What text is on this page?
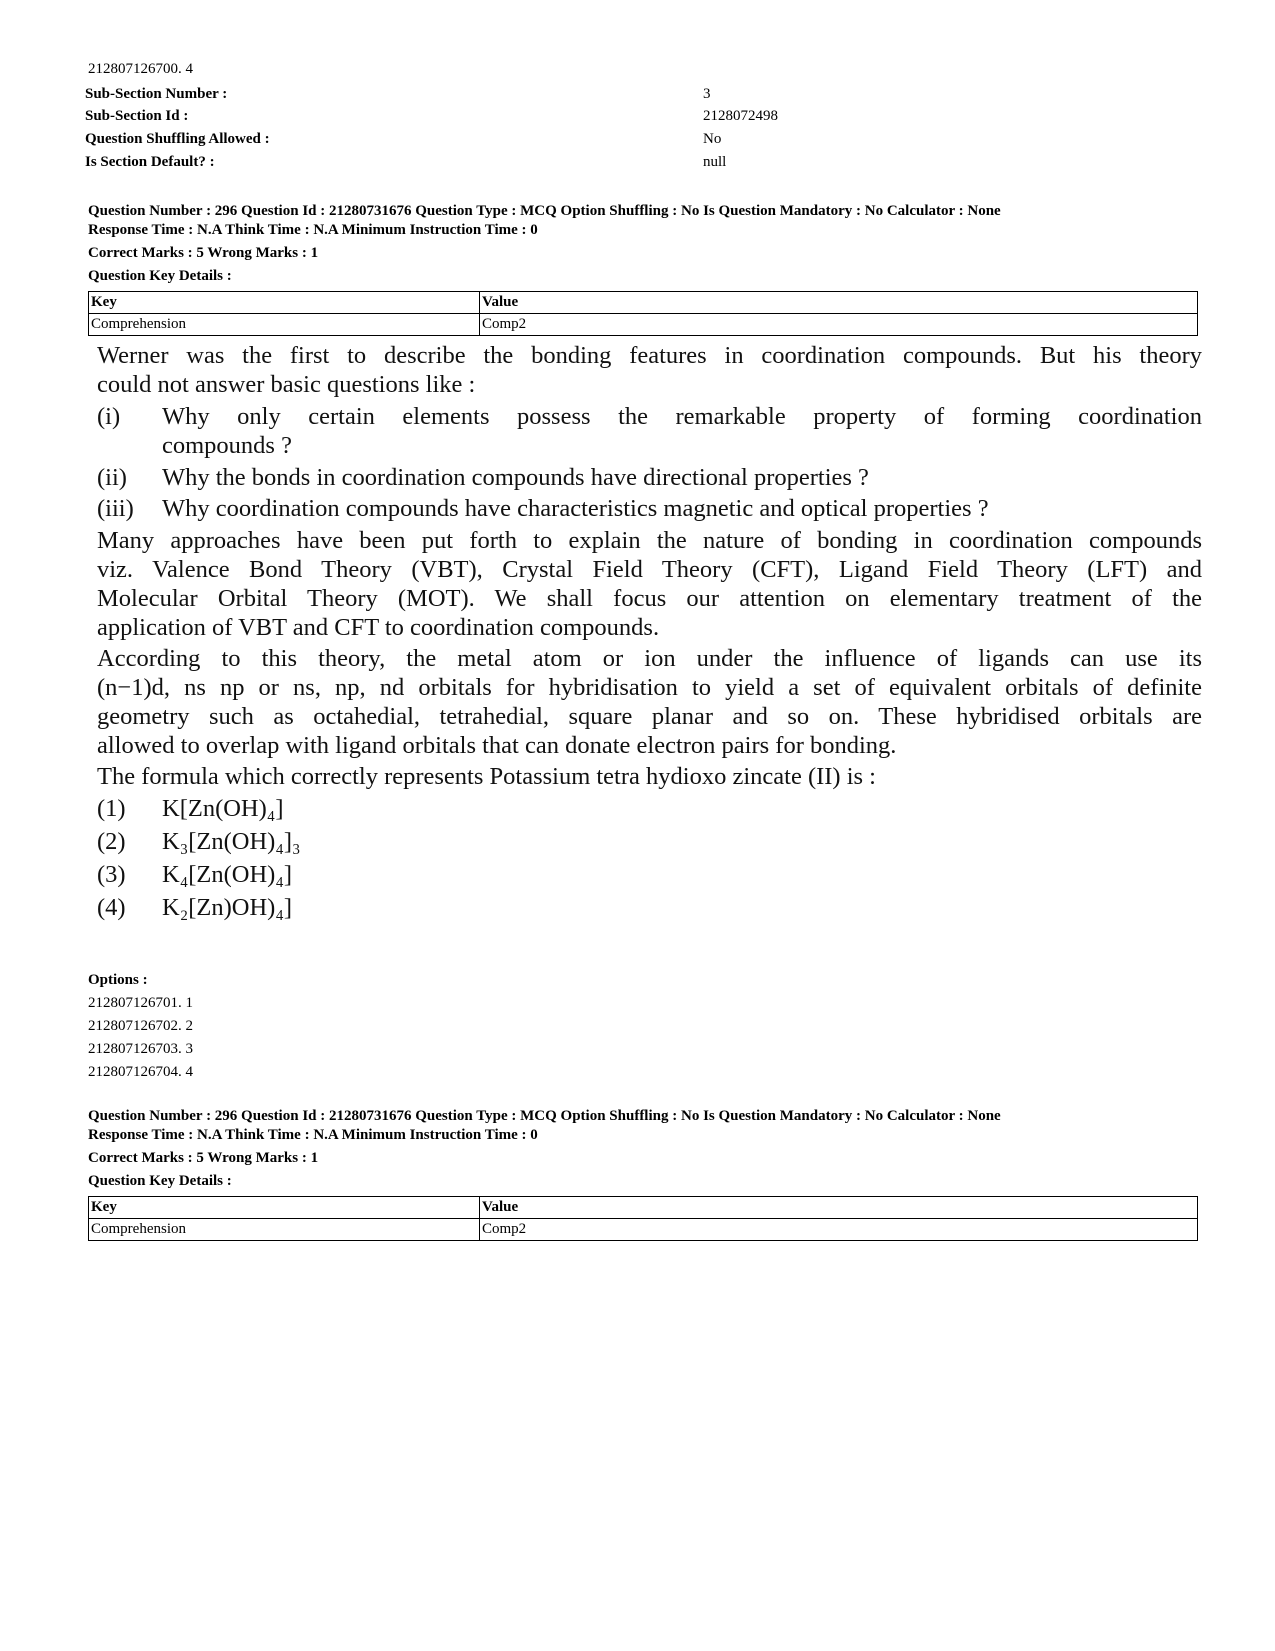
212807126700. 4
Sub-Section Number :	3
Sub-Section Id :	2128072498
Question Shuffling Allowed :	No
Is Section Default? :	null
Question Number : 296 Question Id : 21280731676 Question Type : MCQ Option Shuffling : No Is Question Mandatory : No Calculator : None
Response Time : N.A Think Time : N.A Minimum Instruction Time : 0
Correct Marks : 5 Wrong Marks : 1
Question Key Details :
Key	Value
Comprehension	Comp2
Werner was the first to describe the bonding features in coordination compounds. But his theory
could not answer basic questions like :
(i) Why only certain elements possess the remarkable property of forming coordination
compounds ?
(ii) Why the bonds in coordination compounds have directional properties ?
(iii) Why coordination compounds have characteristics magnetic and optical properties ?
Many approaches have been put forth to explain the nature of bonding in coordination compounds
viz. Valence Bond Theory (VBT), Crystal Field Theory (CFT), Ligand Field Theory (LFT) and
Molecular Orbital Theory (MOT). We shall focus our attention on elementary treatment of the
application of VBT and CFT to coordination compounds.
According to this theory, the metal atom or ion under the influence of ligands can use its
(n−1)d, ns np or ns, np, nd orbitals for hybridisation to yield a set of equivalent orbitals of definite
geometry such as octahedial, tetrahedial, square planar and so on. These hybridised orbitals are
allowed to overlap with ligand orbitals that can donate electron pairs for bonding.
The formula which correctly represents Potassium tetra hydioxo zincate (II) is :
(1) K[Zn(OH)₄]
(2) K₃[Zn(OH)₄]₃
(3) K₄[Zn(OH)₄]
(4) K₂[Zn)OH)₄]
Options :
212807126701. 1
212807126702. 2
212807126703. 3
212807126704. 4
Question Number : 296 Question Id : 21280731676 Question Type : MCQ Option Shuffling : No Is Question Mandatory : No Calculator : None
Response Time : N.A Think Time : N.A Minimum Instruction Time : 0
Correct Marks : 5 Wrong Marks : 1
Question Key Details :
Key	Value
Comprehension	Comp2
